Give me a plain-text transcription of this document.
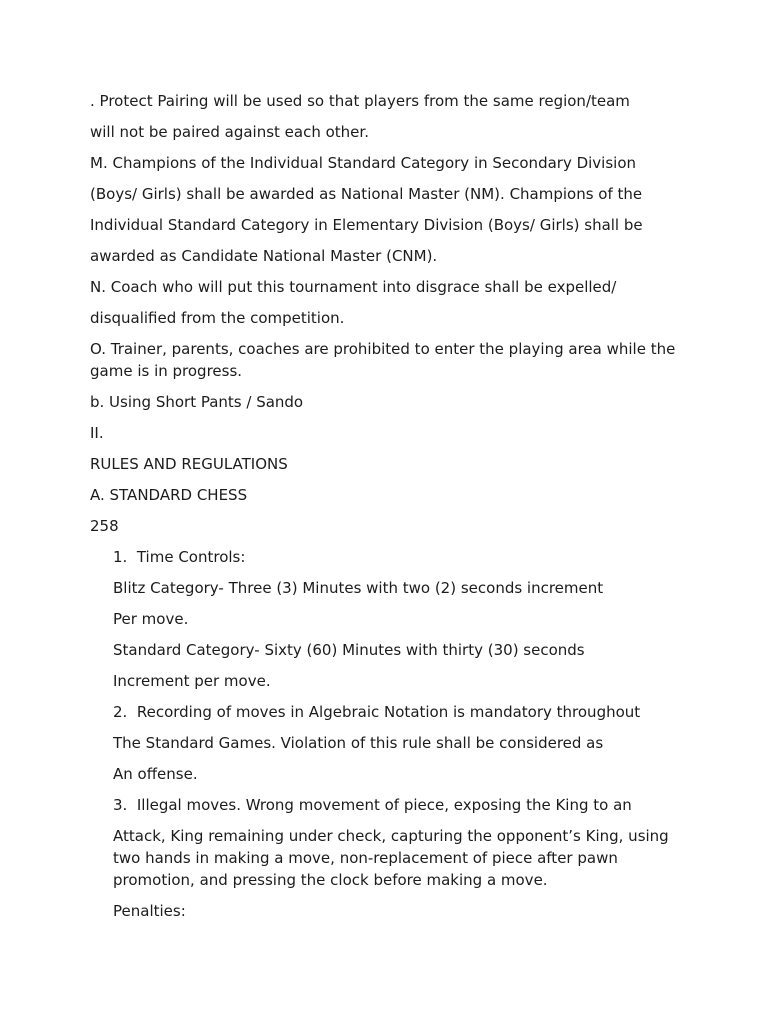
. Protect Pairing will be used so that players from the same region/team

will not be paired against each other.

M. Champions of the Individual Standard Category in Secondary Division

(Boys/ Girls) shall be awarded as National Master (NM). Champions of the

Individual Standard Category in Elementary Division (Boys/ Girls) shall be

awarded as Candidate National Master (CNM).

N. Coach who will put this tournament into disgrace shall be expelled/

disqualified from the competition.

O. Trainer, parents, coaches are prohibited to enter the playing area while the game is in progress.

b. Using Short Pants / Sando

II.

RULES AND REGULATIONS

A. STANDARD CHESS

258

1. Time Controls:

Blitz Category- Three (3) Minutes with two (2) seconds increment

Per move.

Standard Category- Sixty (60) Minutes with thirty (30) seconds

Increment per move.

2. Recording of moves in Algebraic Notation is mandatory throughout

The Standard Games. Violation of this rule shall be considered as

An offense.

3. Illegal moves. Wrong movement of piece, exposing the King to an

Attack, King remaining under check, capturing the opponent’s King, using two hands in making a move, non-replacement of piece after pawn promotion, and pressing the clock before making a move.

Penalties:
